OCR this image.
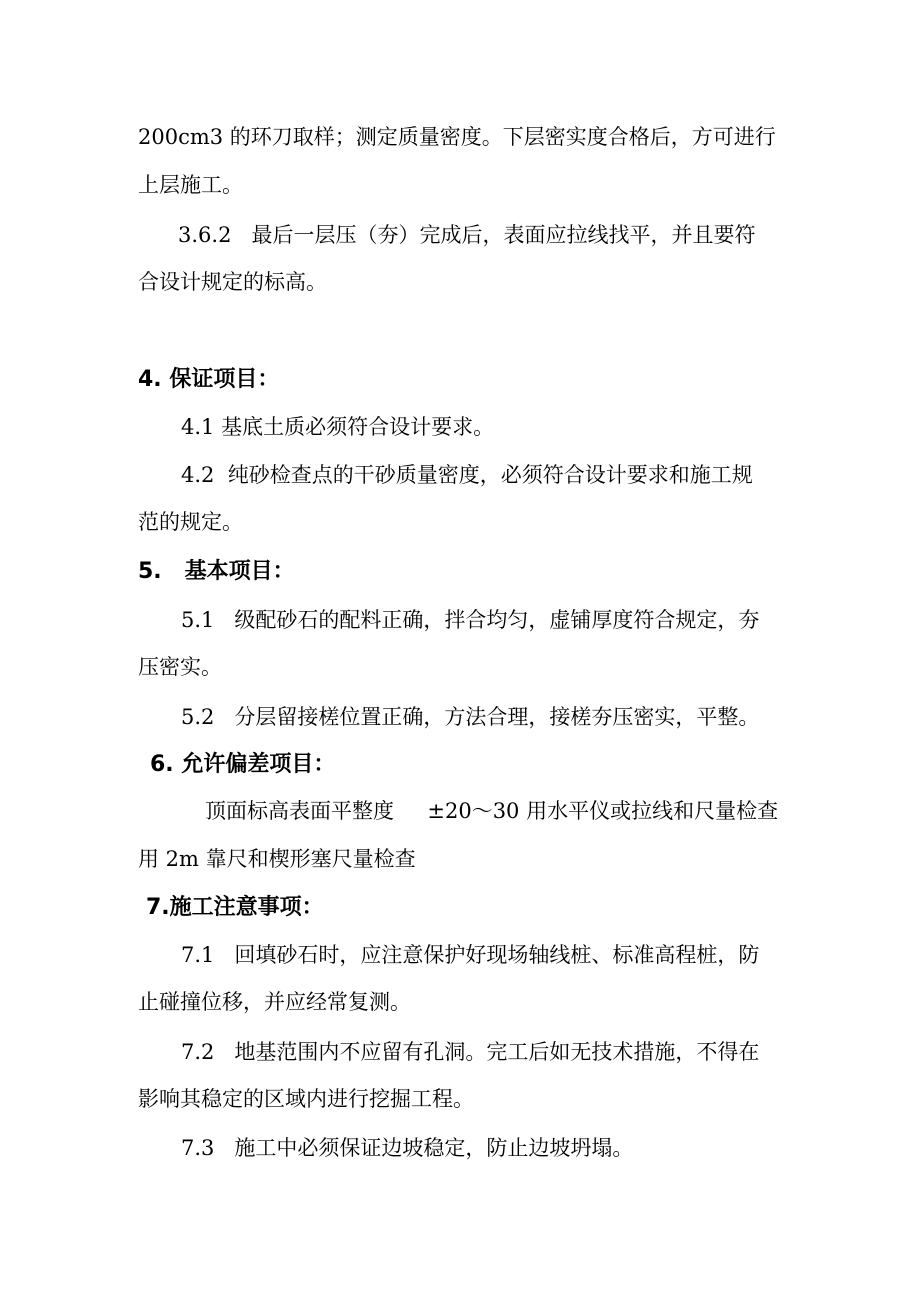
200cm3 的环刀取样；测定质量密度。下层密实度合格后，方可进行
上层施工。
3.6.2   最后一层压（夯）完成后，表面应拉线找平，并且要符
合设计规定的标高。
4. 保证项目：
4.1 基底土质必须符合设计要求。
4.2  纯砂检查点的干砂质量密度，必须符合设计要求和施工规
范的规定。
5.   基本项目：
5.1   级配砂石的配料正确，拌合均匀，虚铺厚度符合规定，夯
压密实。
5.2   分层留接槎位置正确，方法合理，接槎夯压密实，平整。
6. 允许偏差项目：
顶面标高表面平整度     ±20～30 用水平仪或拉线和尺量检查
用 2m 靠尺和楔形塞尺量检查
7.施工注意事项：
7.1   回填砂石时，应注意保护好现场轴线桩、标准高程桩，防
止碰撞位移，并应经常复测。
7.2   地基范围内不应留有孔洞。完工后如无技术措施，不得在
影响其稳定的区域内进行挖掘工程。
7.3   施工中必须保证边坡稳定，防止边坡坍塌。
